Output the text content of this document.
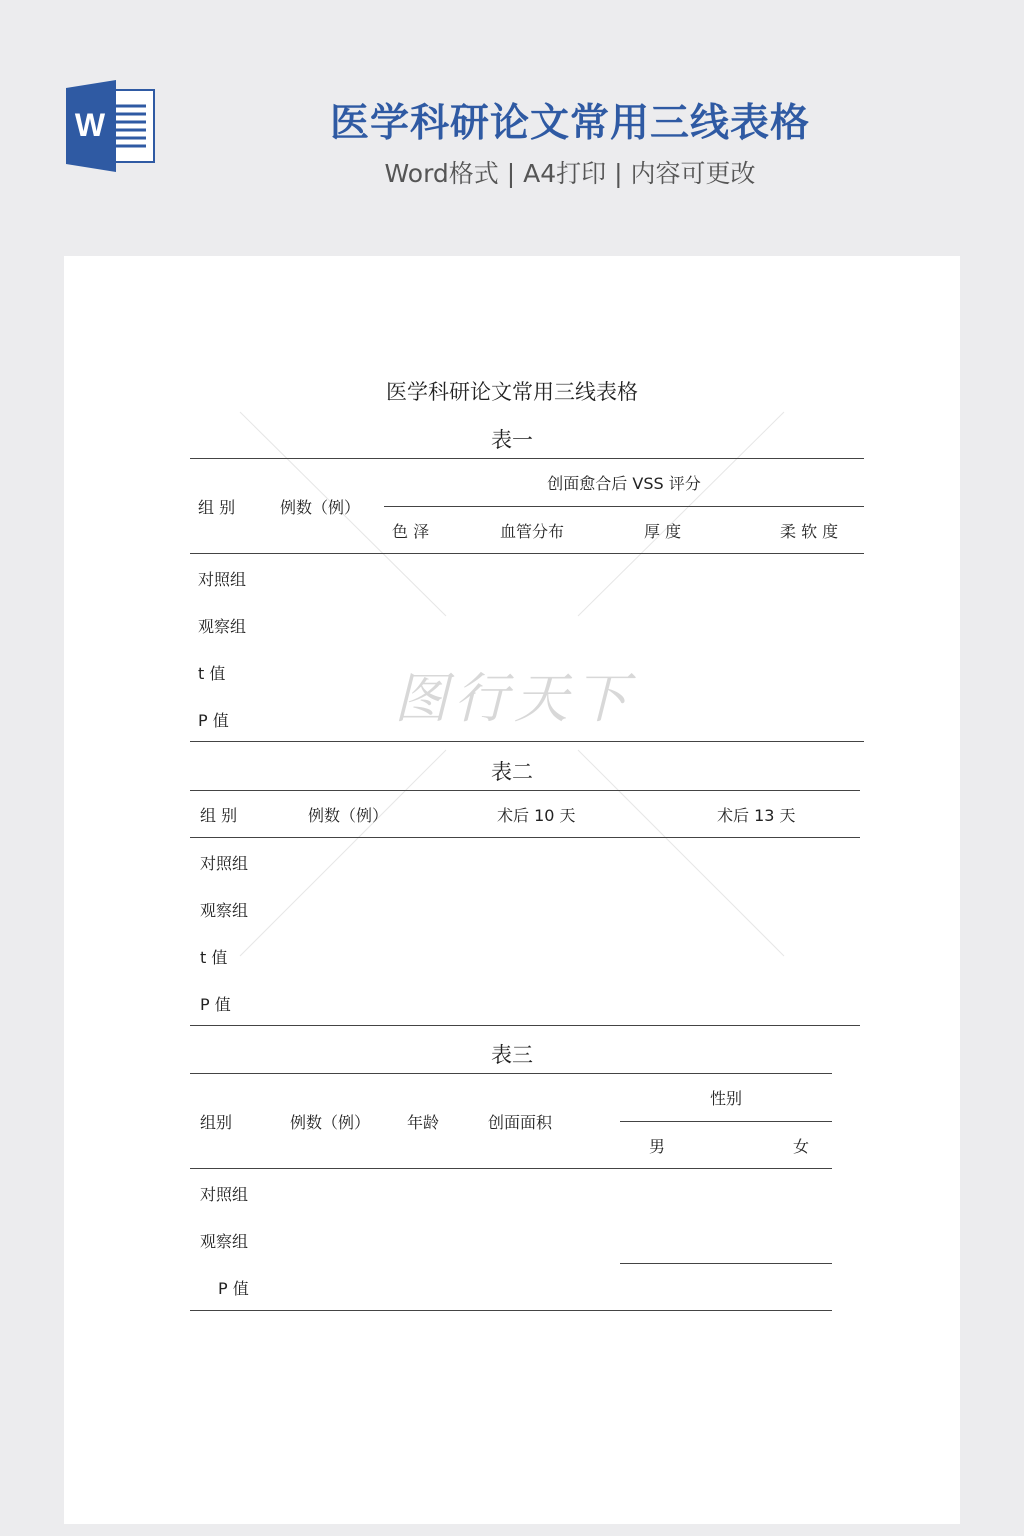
W	医学科研论文常用三线表格
Word格式 | A4打印 | 内容可更改
图行天下
医学科研论文常用三线表格
表一
组 别	例数（例）
创面愈合后 VSS 评分
色 泽	血管分布	厚 度	柔 软 度
对照组
观察组
t 值
P 值
表二
组 别	例数（例）	术后 10 天	术后 13 天
对照组
观察组
t 值
P 值
表三
组别	例数（例） 年龄	创面面积
性别
男	女
对照组
观察组
P 值
